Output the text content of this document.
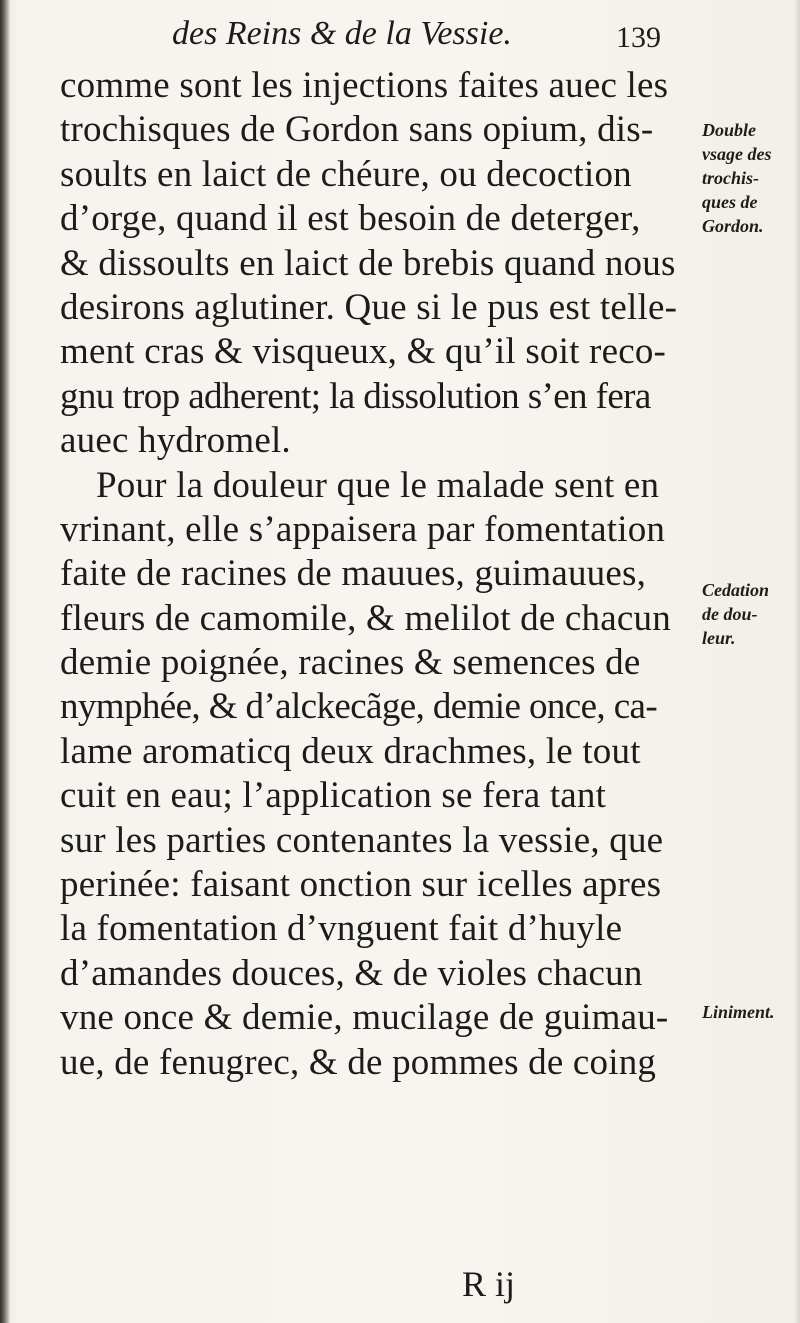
des Reins & de la Vessie.	139
comme sont les injections faites auec les
trochisques de Gordon sans opium, dis-
soults en laict de chéure, ou decoction
d’orge, quand il est besoin de deterger,
& dissoults en laict de brebis quand nous
desirons aglutiner. Que si le pus est telle-
ment cras & visqueux, & qu’il soit reco-
gnu trop adherent; la dissolution s’en fera
auec hydromel.
Pour la douleur que le malade sent en
vrinant, elle s’appaisera par fomentation
faite de racines de mauues, guimauues,
fleurs de camomile, & melilot de chacun
demie poignée, racines & semences de
nymphée, & d’alckecãge, demie once, ca-
lame aromaticq deux drachmes, le tout
cuit en eau; l’application se fera tant
sur les parties contenantes la vessie, que
perinée: faisant onction sur icelles apres
la fomentation d’vnguent fait d’huyle
d’amandes douces, & de violes chacun
vne once & demie, mucilage de guimau-
ue, de fenugrec, & de pommes de coing
Double
vsage des
trochis-
ques de
Gordon.
Cedation
de dou-
leur.
Liniment.
R ij
